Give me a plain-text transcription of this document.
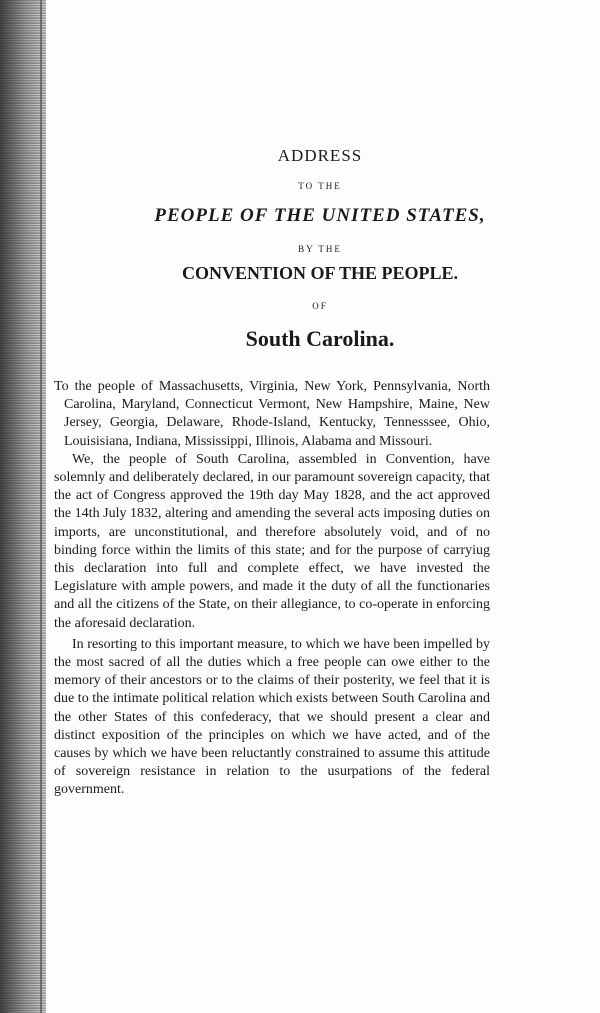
ADDRESS
TO THE
PEOPLE OF THE UNITED STATES,
BY THE
CONVENTION OF THE PEOPLE.
OF
South Carolina.

To the people of Massachusetts, Virginia, New York, Pennsylvania, North Carolina, Maryland, Connecticut Vermont, New Hampshire, Maine, New Jersey, Georgia, Delaware, Rhode-Island, Kentucky, Tennesssee, Ohio, Louisisiana, Indiana, Mississippi, Illinois, Alabama and Missouri.

We, the people of South Carolina, assembled in Convention, have solemnly and deliberately declared, in our paramount sovereign capacity, that the act of Congress approved the 19th day May 1828, and the act approved the 14th July 1832, altering and amending the several acts imposing duties on imports, are unconstitutional, and therefore absolutely void, and of no binding force within the limits of this state; and for the purpose of carryiug this declaration into full and complete effect, we have invested the Legislature with ample powers, and made it the duty of all the functionaries and all the citizens of the State, on their allegiance, to co-operate in enforcing the aforesaid declaration.

In resorting to this important measure, to which we have been impelled by the most sacred of all the duties which a free people can owe either to the memory of their ancestors or to the claims of their posterity, we feel that it is due to the intimate political relation which exists between South Carolina and the other States of this confederacy, that we should present a clear and distinct exposition of the principles on which we have acted, and of the causes by which we have been reluctantly constrained to assume this attitude of sovereign resistance in relation to the usurpations of the federal government.
